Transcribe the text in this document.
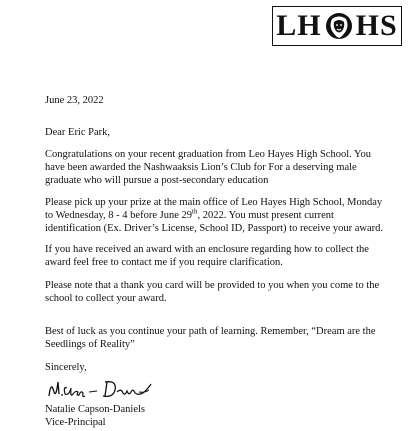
LH HS

June 23, 2022

Dear Eric Park,

Congratulations on your recent graduation from Leo Hayes High School. You have been awarded the Nashwaaksis Lion’s Club for For a deserving male graduate who will pursue a post-secondary education

Please pick up your prize at the main office of Leo Hayes High School, Monday to Wednesday, 8 - 4 before June 29th, 2022. You must present current identification (Ex. Driver’s License, School ID, Passport) to receive your award.

If you have received an award with an enclosure regarding how to collect the award feel free to contact me if you require clarification.

Please note that a thank you card will be provided to you when you come to the school to collect your award.

Best of luck as you continue your path of learning. Remember, “Dream are the Seedlings of Reality”

Sincerely,

Natalie Capson-Daniels

Vice-Principal
